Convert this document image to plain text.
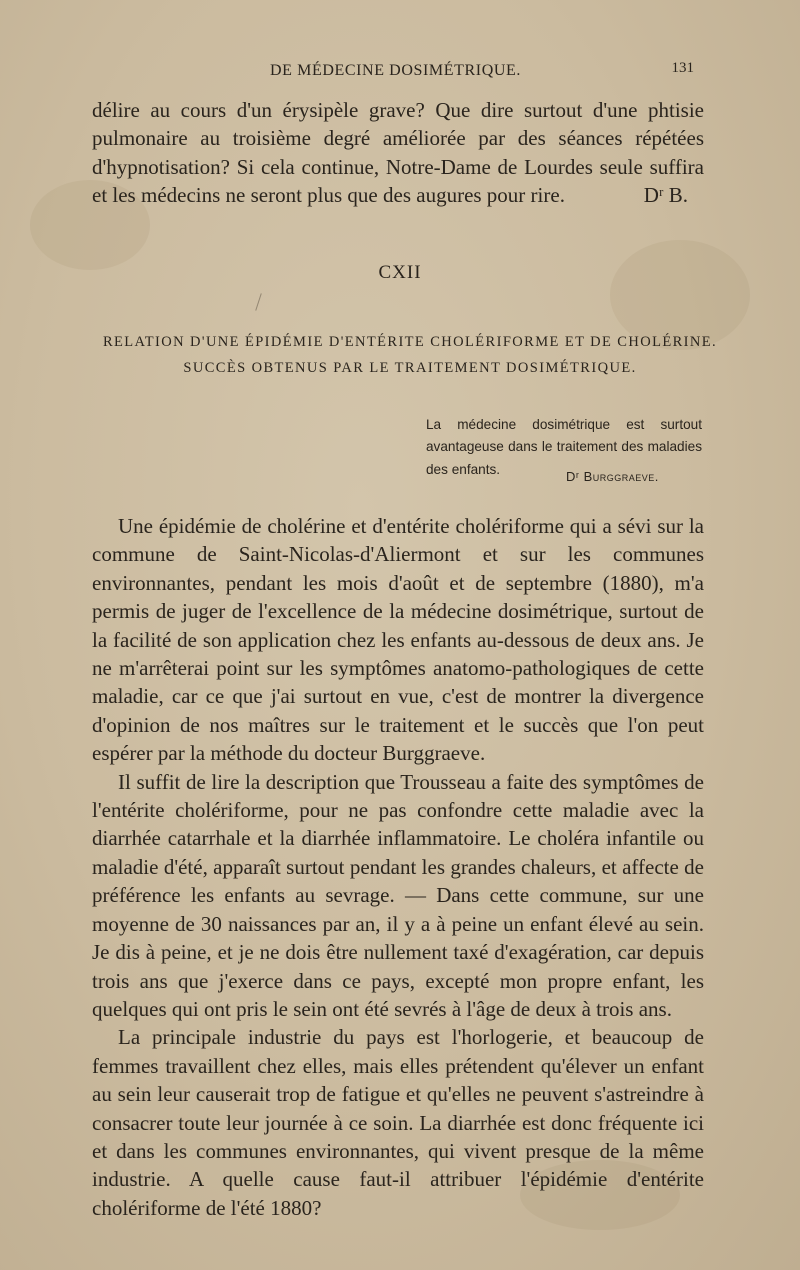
DE MÉDECINE DOSIMÉTRIQUE.	131

délire au cours d'un érysipèle grave? Que dire surtout d'une phtisie pulmonaire au troisième degré améliorée par des séances répétées d'hypnotisation? Si cela continue, Notre-Dame de Lourdes seule suffira et les médecins ne seront plus que des augures pour rire.	Dʳ B.

CXII
RELATION D'UNE ÉPIDÉMIE D'ENTÉRITE CHOLÉRIFORME ET DE CHOLÉRINE.
SUCCÈS OBTENUS PAR LE TRAITEMENT DOSIMÉTRIQUE.
La médecine dosimétrique est surtout avantageuse dans le traitement des maladies des enfants.	Dʳ Burggraeve.

Une épidémie de cholérine et d'entérite cholériforme qui a sévi sur la commune de Saint-Nicolas-d'Aliermont et sur les communes environnantes, pendant les mois d'août et de septembre (1880), m'a permis de juger de l'excellence de la médecine dosimétrique, surtout de la facilité de son application chez les enfants au-dessous de deux ans. Je ne m'arrêterai point sur les symptômes anatomo-pathologiques de cette maladie, car ce que j'ai surtout en vue, c'est de montrer la divergence d'opinion de nos maîtres sur le traitement et le succès que l'on peut espérer par la méthode du docteur Burggraeve.

Il suffit de lire la description que Trousseau a faite des symptômes de l'entérite cholériforme, pour ne pas confondre cette maladie avec la diarrhée catarrhale et la diarrhée inflammatoire. Le choléra infantile ou maladie d'été, apparaît surtout pendant les grandes chaleurs, et affecte de préférence les enfants au sevrage. — Dans cette commune, sur une moyenne de 30 naissances par an, il y a à peine un enfant élevé au sein. Je dis à peine, et je ne dois être nullement taxé d'exagération, car depuis trois ans que j'exerce dans ce pays, excepté mon propre enfant, les quelques qui ont pris le sein ont été sevrés à l'âge de deux à trois ans.

La principale industrie du pays est l'horlogerie, et beaucoup de femmes travaillent chez elles, mais elles prétendent qu'élever un enfant au sein leur causerait trop de fatigue et qu'elles ne peuvent s'astreindre à consacrer toute leur journée à ce soin. La diarrhée est donc fréquente ici et dans les communes environnantes, qui vivent presque de la même industrie. A quelle cause faut-il attribuer l'épidémie d'entérite cholériforme de l'été 1880?
